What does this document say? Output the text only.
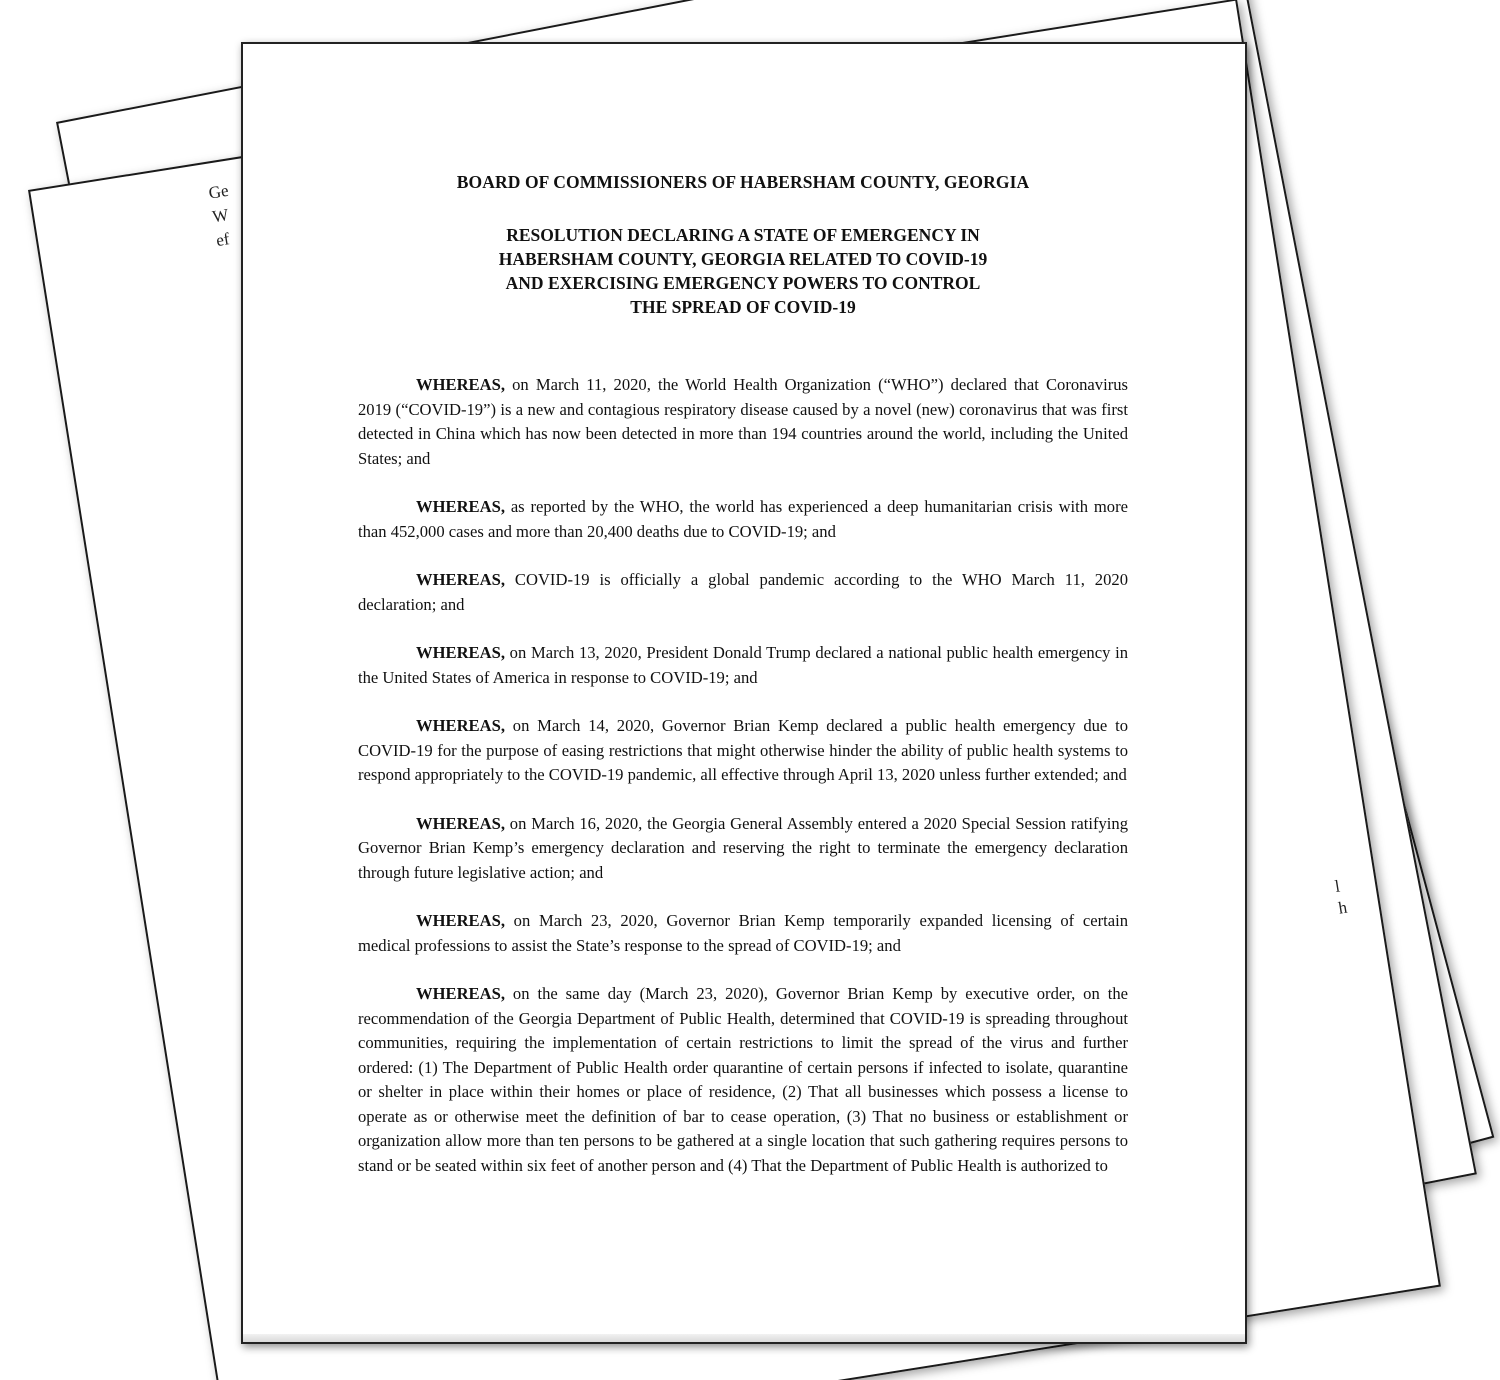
Ge
W
ef
l
h
BOARD OF COMMISSIONERS OF HABERSHAM COUNTY, GEORGIA
RESOLUTION DECLARING A STATE OF EMERGENCY IN
HABERSHAM COUNTY, GEORGIA RELATED TO COVID-19
AND EXERCISING EMERGENCY POWERS TO CONTROL
THE SPREAD OF COVID-19

WHEREAS, on March 11, 2020, the World Health Organization (“WHO”) declared that Coronavirus 2019 (“COVID-19”) is a new and contagious respiratory disease caused by a novel (new) coronavirus that was first detected in China which has now been detected in more than 194 countries around the world, including the United States; and

WHEREAS, as reported by the WHO, the world has experienced a deep humanitarian crisis with more than 452,000 cases and more than 20,400 deaths due to COVID-19; and

WHEREAS, COVID-19 is officially a global pandemic according to the WHO March 11, 2020 declaration; and

WHEREAS, on March 13, 2020, President Donald Trump declared a national public health emergency in the United States of America in response to COVID-19; and

WHEREAS, on March 14, 2020, Governor Brian Kemp declared a public health emergency due to COVID-19 for the purpose of easing restrictions that might otherwise hinder the ability of public health systems to respond appropriately to the COVID-19 pandemic, all effective through April 13, 2020 unless further extended; and

WHEREAS, on March 16, 2020, the Georgia General Assembly entered a 2020 Special Session ratifying Governor Brian Kemp’s emergency declaration and reserving the right to terminate the emergency declaration through future legislative action; and

WHEREAS, on March 23, 2020, Governor Brian Kemp temporarily expanded licensing of certain medical professions to assist the State’s response to the spread of COVID-19; and

WHEREAS, on the same day (March 23, 2020), Governor Brian Kemp by executive order, on the recommendation of the Georgia Department of Public Health, determined that COVID-19 is spreading throughout communities, requiring the implementation of certain restrictions to limit the spread of the virus and further ordered: (1) The Department of Public Health order quarantine of certain persons if infected to isolate, quarantine or shelter in place within their homes or place of residence, (2) That all businesses which possess a license to operate as or otherwise meet the definition of bar to cease operation, (3) That no business or establishment or organization allow more than ten persons to be gathered at a single location that such gathering requires persons to stand or be seated within six feet of another person and (4) That the Department of Public Health is authorized to
